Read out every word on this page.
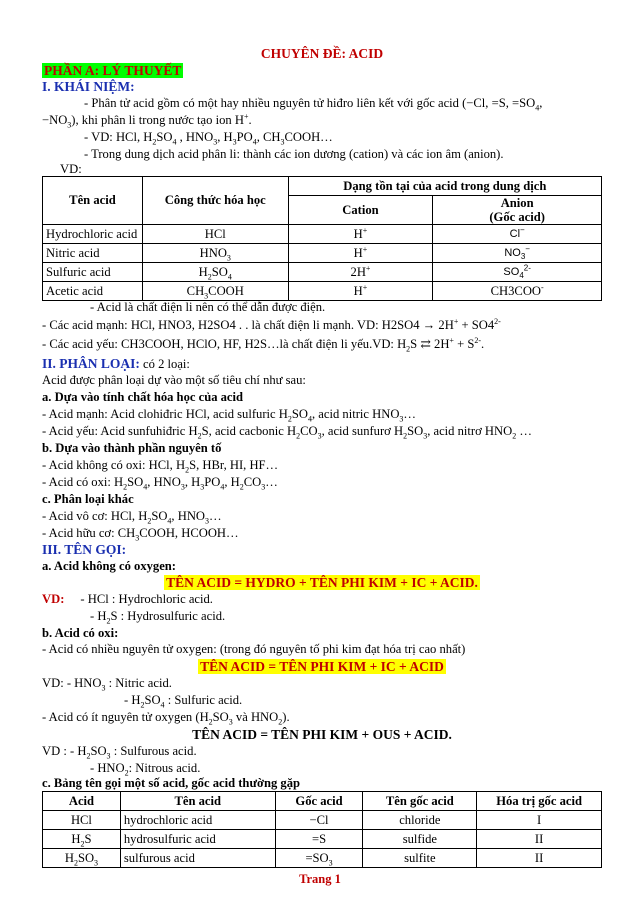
CHUYÊN ĐỀ: ACID
PHẦN A: LÝ THUYẾT
I. KHÁI NIỆM:
- Phân tử acid gồm có một hay nhiều nguyên tử hiđro liên kết với gốc acid (−Cl, =S, $=SO_4$,
$-NO_3$), khi phân li trong nước tạo ion H+.
- VD: HCl, $H_2SO_4$ , $HNO_3$, $H_3PO_4$, $CH_3COOH\dots$
- Trong dung dịch acid phân li: thành các ion dương (cation) và các ion âm (anion).
VD:
Tên acid	Công thức hóa học	Dạng tồn tại của acid trong dung dịch	
		Cation	Anion
(Gốc acid)
Hydrochloric acid	HCl	H+	Cl−
Nitric acid	$HNO_3$	H+	$NO_3^-$
Sulfuric acid	$H_2SO_4$	2H+	$SO_4^{2-}$
Acetic acid	$CH_3COOH$	H+	CH3COO-
- Acid là chất điện li nên có thể dẫn được điện.
- Các acid mạnh: HCl, HNO3, H2SO4 . . là chất điện li mạnh. VD: $H2SO4 \to 2H^+ + SO4^{2-}$
- Các acid yếu: CH3COOH, HClO, HF, H2S…là chất điện li yếu.VD: $H_2S$ ⇄ $2H^+ + S^{2-}$.
II. PHÂN LOẠI: có 2 loại:
Acid được phân loại dự vào một số tiêu chí như sau:
a. Dựa vào tính chất hóa học của acid
- Acid mạnh: Acid clohiđric HCl, acid sulfuric $H_2SO_4$, acid nitric $HNO_3\dots$
- Acid yếu: Acid sunfuhiđric $H_2S$, acid cacbonic $H_2CO_3$, acid sunfurơ $H_2SO_3$, acid nitrơ $HNO_2$ …
b. Dựa vào thành phần nguyên tố
- Acid không có oxi: HCl, $H_2S$, HBr, HI, HF…
- Acid có oxi: $H_2SO_4$, $HNO_3$, $H_3PO_4$, $H_2CO_3\dots$
c. Phân loại khác
- Acid vô cơ: HCl, $H_2SO_4$, $HNO_3\dots$
- Acid hữu cơ: $CH_3COOH$, HCOOH…
III. TÊN GỌI:
a. Acid không có oxygen:
TÊN ACID = HYDRO + TÊN PHI KIM + IC + ACID.
VD: - HCl : Hydrochloric acid.
- $H_2S$ : Hydrosulfuric acid.
b. Acid có oxi:
- Acid có nhiều nguyên tử oxygen: (trong đó nguyên tố phi kim đạt hóa trị cao nhất)
TÊN ACID = TÊN PHI KIM + IC + ACID
VD: - $HNO_3$ : Nitric acid.
- $H_2SO_4$ : Sulfuric acid.
- Acid có ít nguyên tử oxygen ($H_2SO_3$ và $HNO_2$).
TÊN ACID = TÊN PHI KIM + OUS + ACID.
VD : - $H_2SO_3$ : Sulfurous acid.
- $HNO_2$: Nitrous acid.
c. Bảng tên gọi một số acid, gốc acid thường gặp
Acid	Tên acid	Gốc acid	Tên gốc acid	Hóa trị gốc acid
HCl	hydrochloric acid	−Cl	chloride	I
$H_2S$	hydrosulfuric acid	=S	sulfide	II
$H_2SO_3$	sulfurous acid	$=SO_3$	sulfite	II
Trang 1
